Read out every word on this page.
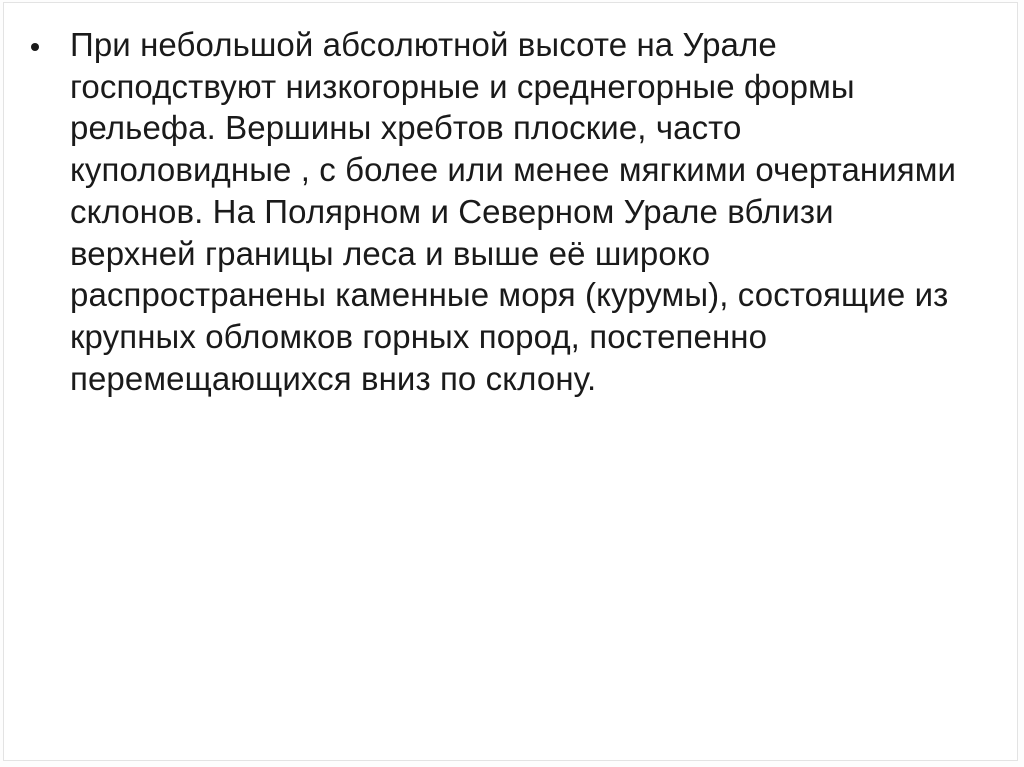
При небольшой абсолютной высоте на Урале
господствуют низкогорные и среднегорные формы
рельефа. Вершины хребтов плоские, часто
куполовидные , с более или менее мягкими очертаниями
склонов. На Полярном и Северном Урале вблизи
верхней границы леса и выше её широко
распространены каменные моря (курумы), состоящие из
крупных обломков горных пород, постепенно
перемещающихся вниз по склону.
